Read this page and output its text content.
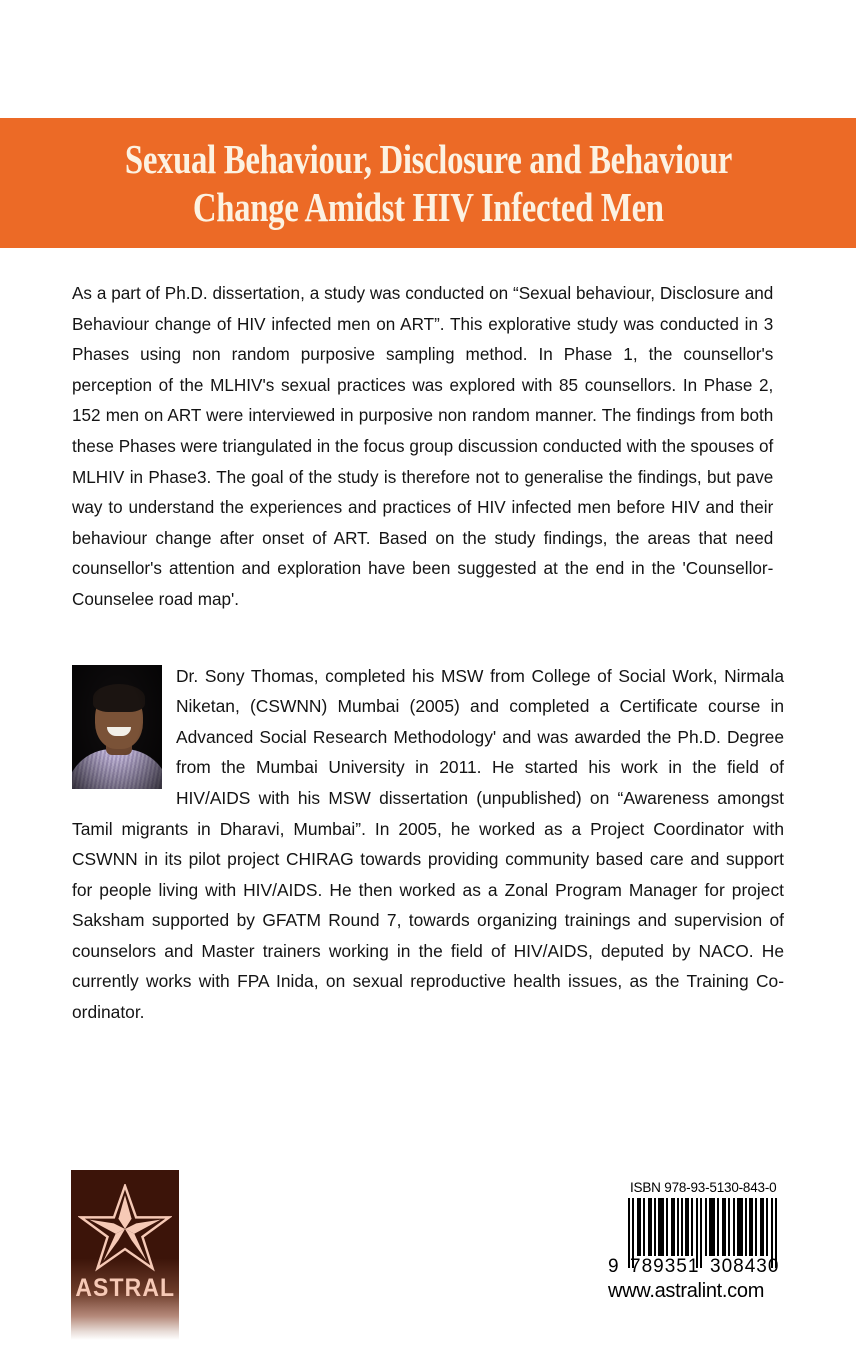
Sexual Behaviour, Disclosure and Behaviour
Change Amidst HIV Infected Men

As a part of Ph.D. dissertation, a study was conducted on “Sexual behaviour, Disclosure and Behaviour change of HIV infected men on ART”. This explorative study was conducted in 3 Phases using non random purposive sampling method. In Phase 1, the counsellor's perception of the MLHIV's sexual practices was explored with 85 counsellors. In Phase 2, 152 men on ART were interviewed in purposive non random manner. The findings from both these Phases were triangulated in the focus group discussion conducted with the spouses of MLHIV in Phase3. The goal of the study is therefore not to generalise the findings, but pave way to understand the experiences and practices of HIV infected men before HIV and their behaviour change after onset of ART. Based on the study findings, the areas that need counsellor's attention and exploration have been suggested at the end in the 'Counsellor-Counselee road map'.

Dr. Sony Thomas, completed his MSW from College of Social Work, Nirmala Niketan, (CSWNN) Mumbai (2005) and completed a Certificate course in Advanced Social Research Methodology' and was awarded the Ph.D. Degree from the Mumbai University in 2011. He started his work in the field of HIV/AIDS with his MSW dissertation (unpublished) on “Awareness amongst Tamil migrants in Dharavi, Mumbai”. In 2005, he worked as a Project Coordinator with CSWNN in its pilot project CHIRAG towards providing community based care and support for people living with HIV/AIDS. He then worked as a Zonal Program Manager for project Saksham supported by GFATM Round 7, towards organizing trainings and supervision of counselors and Master trainers working in the field of HIV/AIDS, deputed by NACO. He currently works with FPA Inida, on sexual reproductive health issues, as the Training Co-ordinator.

ASTRAL
ISBN 978-93-5130-843-0
9 789351 308430
www.astralint.com
